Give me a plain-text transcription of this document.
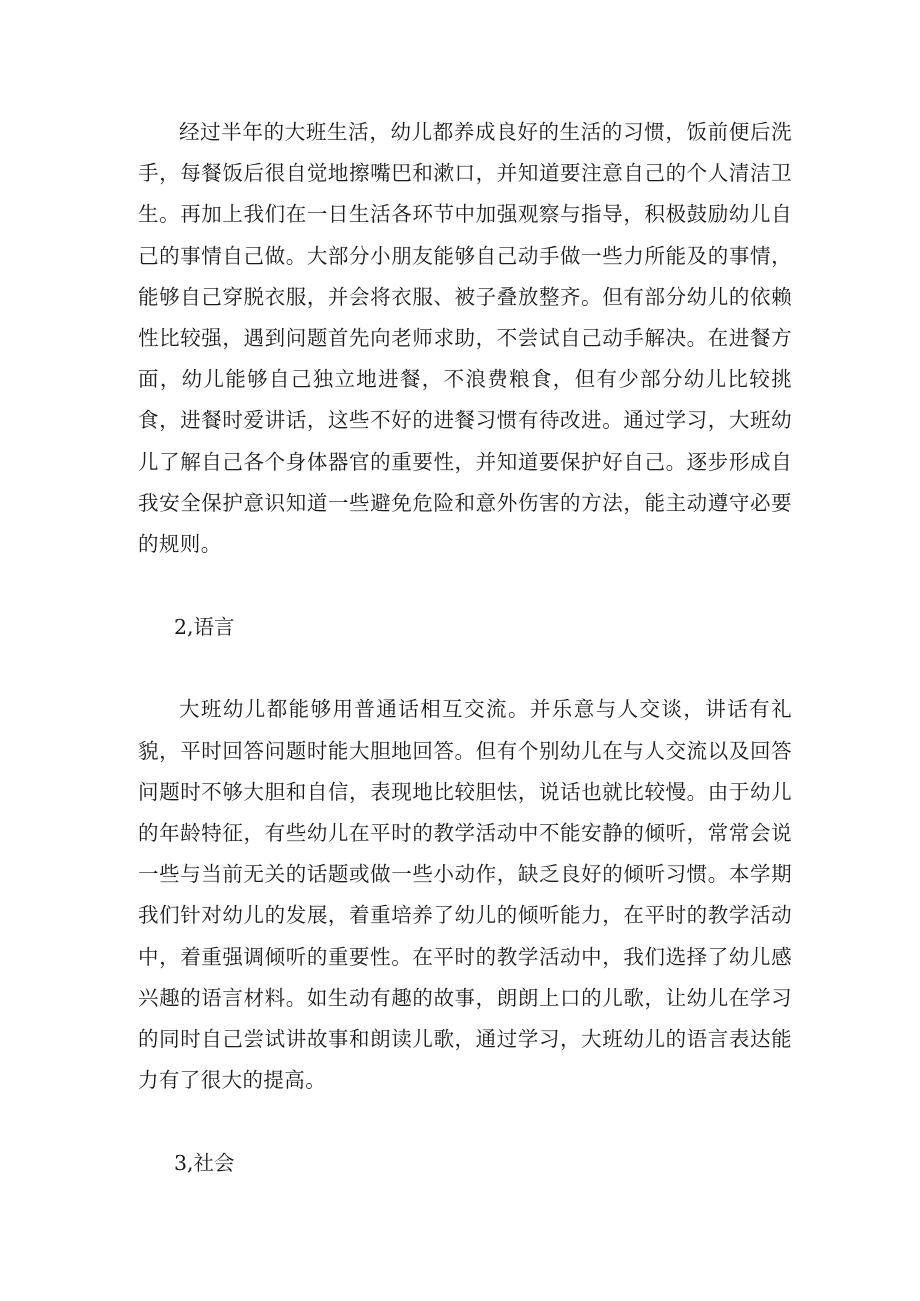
经过半年的大班生活，幼儿都养成良好的生活的习惯，饭前便后洗手，每餐饭后很自觉地擦嘴巴和漱口，并知道要注意自己的个人清洁卫生。再加上我们在一日生活各环节中加强观察与指导，积极鼓励幼儿自己的事情自己做。大部分小朋友能够自己动手做一些力所能及的事情，能够自己穿脱衣服，并会将衣服、被子叠放整齐。但有部分幼儿的依赖性比较强，遇到问题首先向老师求助，不尝试自己动手解决。在进餐方面，幼儿能够自己独立地进餐，不浪费粮食，但有少部分幼儿比较挑食，进餐时爱讲话，这些不好的进餐习惯有待改进。通过学习，大班幼儿了解自己各个身体器官的重要性，并知道要保护好自己。逐步形成自我安全保护意识知道一些避免危险和意外伤害的方法，能主动遵守必要的规则。

2,语言

大班幼儿都能够用普通话相互交流。并乐意与人交谈，讲话有礼貌，平时回答问题时能大胆地回答。但有个别幼儿在与人交流以及回答问题时不够大胆和自信，表现地比较胆怯，说话也就比较慢。由于幼儿的年龄特征，有些幼儿在平时的教学活动中不能安静的倾听，常常会说一些与当前无关的话题或做一些小动作，缺乏良好的倾听习惯。本学期我们针对幼儿的发展，着重培养了幼儿的倾听能力，在平时的教学活动中，着重强调倾听的重要性。在平时的教学活动中，我们选择了幼儿感兴趣的语言材料。如生动有趣的故事，朗朗上口的儿歌，让幼儿在学习的同时自己尝试讲故事和朗读儿歌，通过学习，大班幼儿的语言表达能力有了很大的提高。

3,社会
